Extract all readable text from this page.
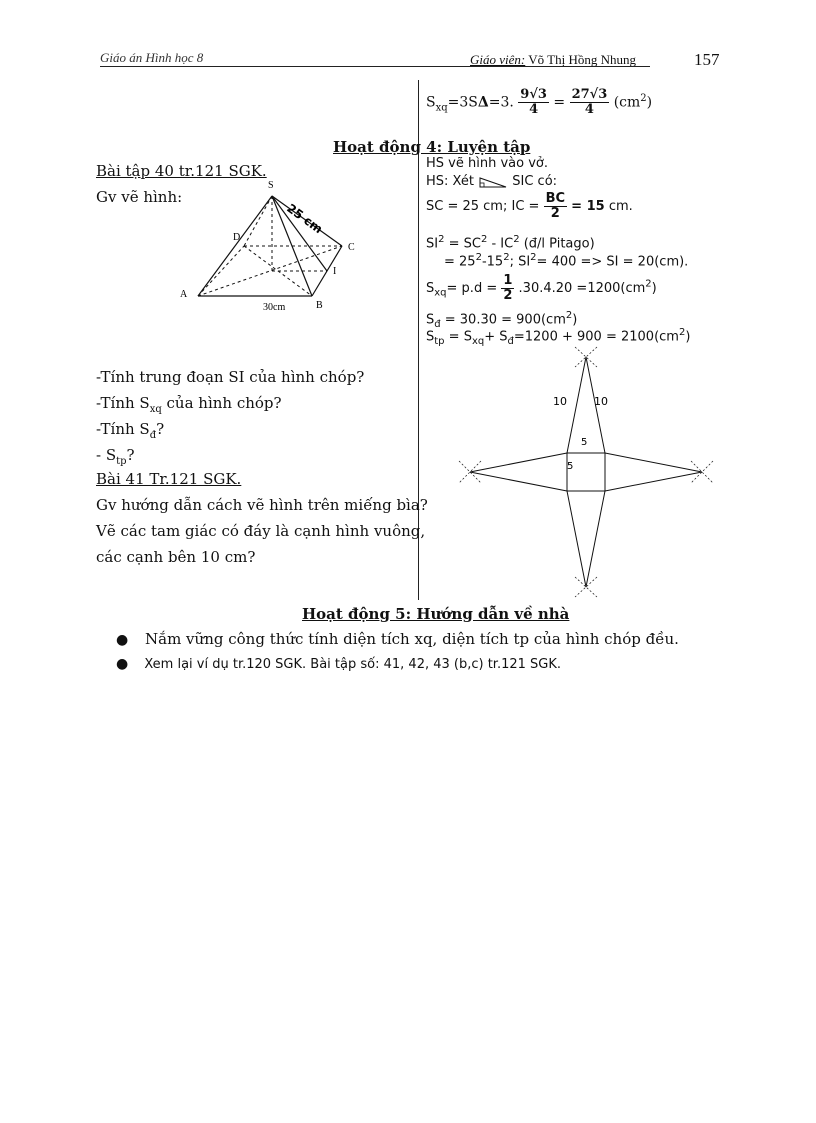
Giáo án Hình học 8	Giáo viên: Võ Thị Hồng Nhung	157
$S_{xq}=3S\Delta=3$. $\frac{9√3}{4} = \frac{27√3}{4} (cm^2)$
Hoạt động 4: Luyện tập
Bài tập 40 tr.121 SGK.
Gv vẽ hình:
S
D
C
A
B
I
25 cm
30cm
-Tính trung đoạn SI của hình chóp?
-Tính $S_{xq}$ của hình chóp?
-Tính $S_đ$?
- $S_{tp}$?
Bài 41 Tr.121 SGK.
Gv hướng dẫn cách vẽ hình trên miếng bìa?
Vẽ các tam giác có đáy là cạnh hình vuông,
các cạnh bên 10 cm?
HS vẽ hình vào vở.
HS: Xét	SIC có:
SC = 25 cm; IC = $\frac{BC}{2} = 15$ cm.
$SI^2 = SC^2 - IC^2$ (đ/l Pitago)
= $25^2-15^2$; $SI^2= 400$ => SI = 20(cm).
$S_{xq}= p.d = \frac{1}{2} .30.4.20 =1200(cm^2)$
$S_đ = 30.30 = 900(cm^2)$
$S_{tp} = S_{xq}+ S_đ=1200 + 900 = 2100(cm^2)$
10 10
5
5
Hoạt động 5: Hướng dẫn về nhà
● Nắm vững công thức tính diện tích xq, diện tích tp của hình chóp đều.
● Xem lại ví dụ tr.120 SGK. Bài tập số: 41, 42, 43 (b,c) tr.121 SGK.
